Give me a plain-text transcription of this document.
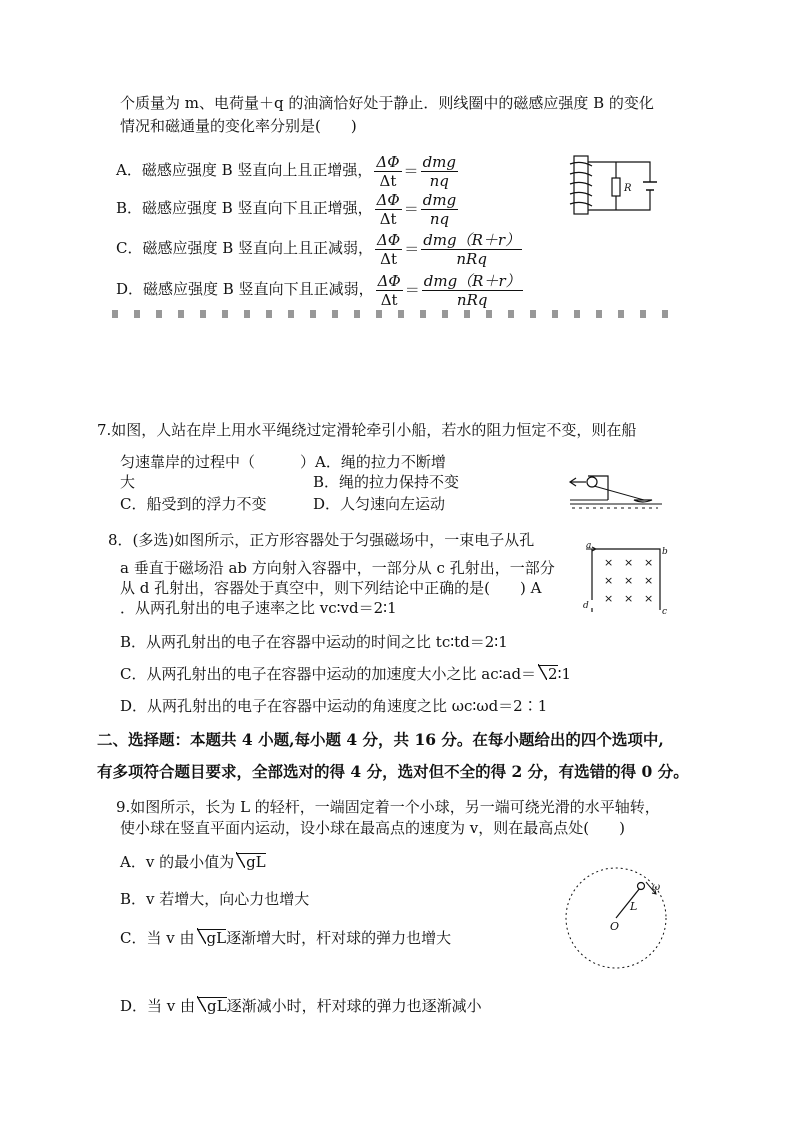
个质量为 m、电荷量＋q 的油滴恰好处于静止．则线圈中的磁感应强度 B 的变化
情况和磁通量的变化率分别是(　　)
A．磁感应强度 B 竖直向上且正增强， $\frac{\Delta\Phi}{\Delta t} = \frac{\text{dmg}}{nq}$
B．磁感应强度 B 竖直向下且正增强， $\frac{\Delta\Phi}{\Delta t} = \frac{\text{dmg}}{nq}$
C．磁感应强度 B 竖直向上且正减弱， $\frac{\Delta\Phi}{\Delta t} = \frac{\text{dmg（R＋r）}}{\text{nRq}}$
D．磁感应强度 B 竖直向下且正减弱， $\frac{\Delta\Phi}{\Delta t} = \frac{\text{dmg（R＋r）}}{\text{nRq}}$
R
7.如图，人站在岸上用水平绳绕过定滑轮牵引小船，若水的阻力恒定不变，则在船
匀速靠岸的过程中（　　　）A．绳的拉力不断增
大	B．绳的拉力保持不变
C．船受到的浮力不变	D．人匀速向左运动
8．(多选)如图所示，正方形容器处于匀强磁场中，一束电子从孔
a 垂直于磁场沿 ab 方向射入容器中，一部分从 c 孔射出，一部分
从 d 孔射出，容器处于真空中，则下列结论中正确的是(　　) A
．从两孔射出的电子速率之比 vc∶vd＝2∶1
B．从两孔射出的电子在容器中运动的时间之比 tc∶td＝2∶1
C．从两孔射出的电子在容器中运动的加速度大小之比 ac∶ad＝ 2∶1
D．从两孔射出的电子在容器中运动的角速度之比 ωc∶ωd＝2∶1
a
b
c
d
× × ×
× × ×
× × ×
二、选择题：本题共 4 小题,每小题 4 分，共 16 分。在每小题给出的四个选项中,
有多项符合题目要求，全部选对的得 4 分，选对但不全的得 2 分，有选错的得 0 分。
9.如图所示，长为 L 的轻杆，一端固定着一个小球，另一端可绕光滑的水平轴转，
使小球在竖直平面内运动，设小球在最高点的速度为 v，则在最高点处(　　)
A．v 的最小值为 gL
B．v 若增大，向心力也增大
C．当 v 由 gL逐渐增大时，杆对球的弹力也增大
D．当 v 由 gL逐渐减小时，杆对球的弹力也逐渐减小
L
O
ω
